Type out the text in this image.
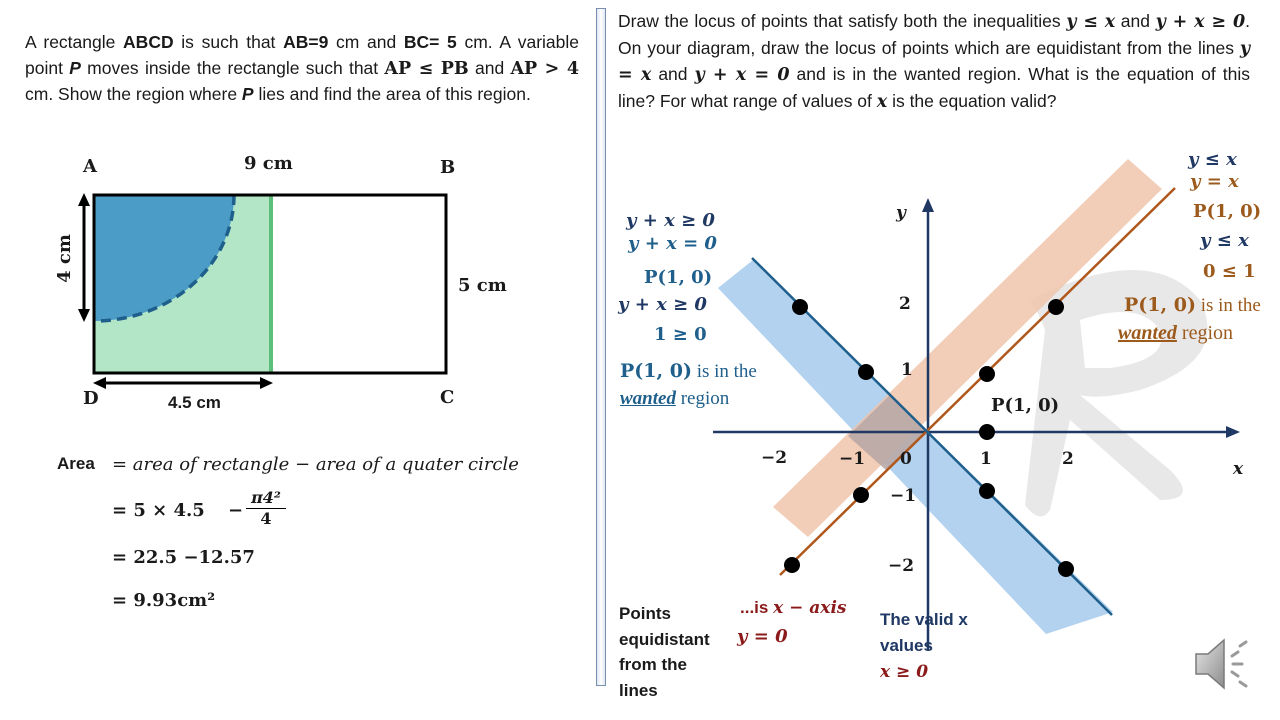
A rectangle ABCD is such that AB=9 cm and BC= 5 cm. A variable point P moves inside the rectangle such that AP ≤ PB and AP > 4 cm. Show the region where P lies and find the area of this region.
A	B
C
D
9 cm
5 cm
4 cm
4.5 cm
Area = area of rectangle − area of a quater circle
= 5 × 4.5 −
π4²
4
= 22.5 −12.57
= 9.93cm²
Draw the locus of points that satisfy both the inequalities y ≤ x and y + x ≥ 0. On your diagram, draw the locus of points which are equidistant from the lines y = x and y + x = 0 and is in the wanted region. What is the equation of this line? For what range of values of x is the equation valid?
y
x
−2	−1 0	1	2
2
1
−1
−2
P(1, 0)
y + x ≥ 0
y + x = 0
P(1, 0)
y + x ≥ 0
1 ≥ 0
P(1, 0) is in the
wanted region
y ≤ x
y = x
P(1, 0)
y ≤ x
0 ≤ 1
P(1, 0) is in the
wanted region
Points
equidistant
from the
lines
...is x − axis
y = 0
The valid x
values
x ≥ 0
